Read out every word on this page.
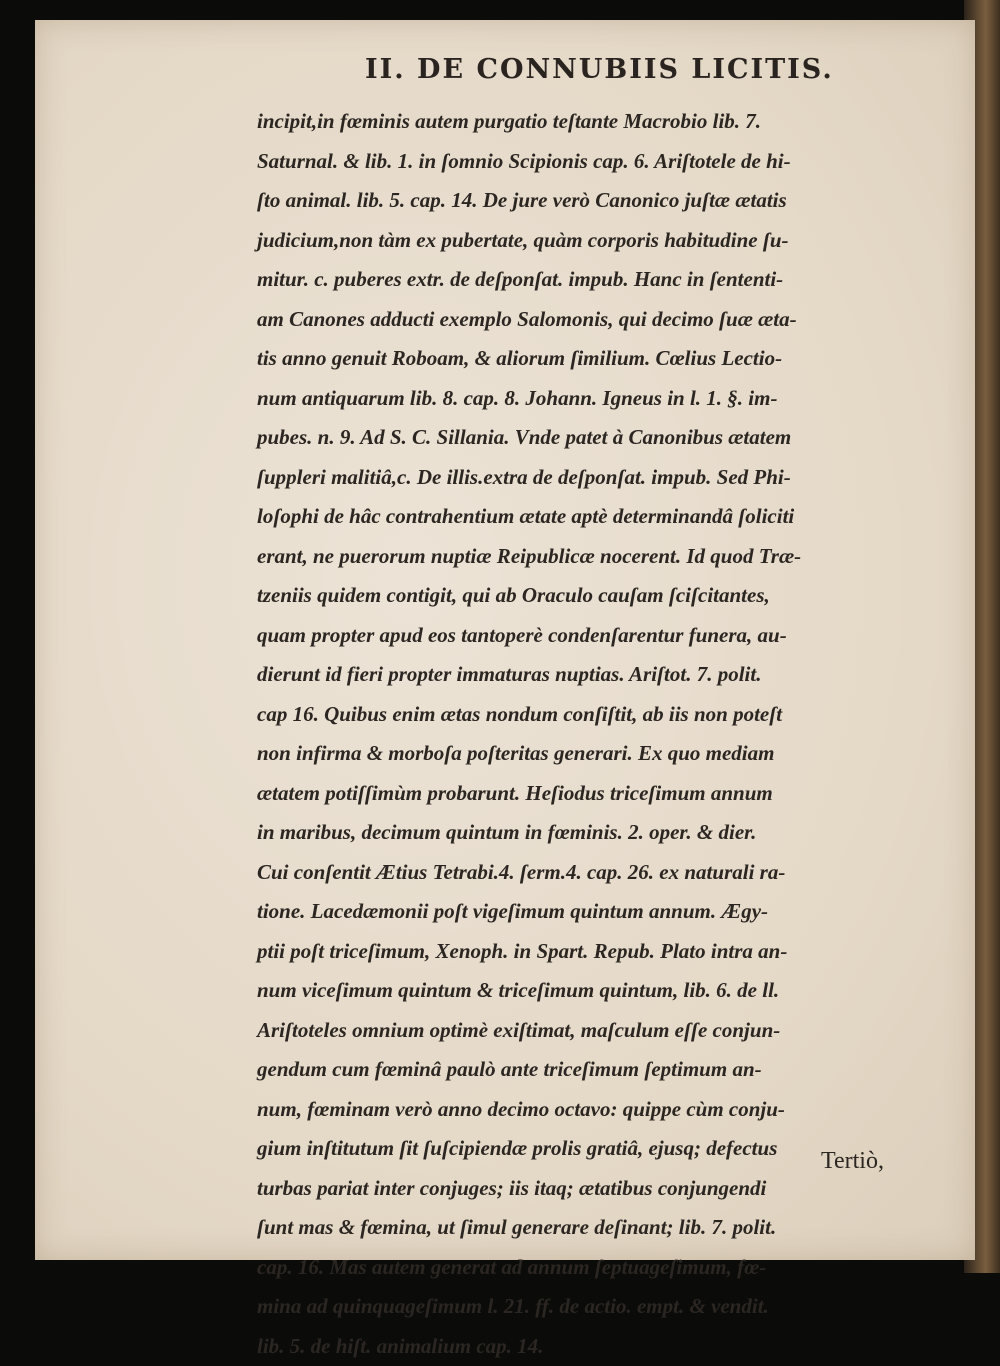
II. DE CONNUBIIS LICITIS.
incipit,in fœminis autem purgatio teſtante Macrobio lib. 7.
Saturnal. & lib. 1. in ſomnio Scipionis cap. 6. Ariſtotele de hi-
ſto animal. lib. 5. cap. 14. De jure verò Canonico juſtæ ætatis
judicium,non tàm ex pubertate, quàm corporis habitudine ſu-
mitur. c. puberes extr. de deſponſat. impub. Hanc in ſententi-
am Canones adducti exemplo Salomonis, qui decimo ſuæ æta-
tis anno genuit Roboam, & aliorum ſimilium. Cœlius Lectio-
num antiquarum lib. 8. cap. 8. Johann. Igneus in l. 1. §. im-
pubes. n. 9. Ad S. C. Sillania. Vnde patet à Canonibus ætatem
ſuppleri malitiâ,c. De illis.extra de deſponſat. impub. Sed Phi-
loſophi de hâc contrahentium ætate aptè determinandâ ſoliciti
erant, ne puerorum nuptiæ Reipublicæ nocerent. Id quod Træ-
tzeniis quidem contigit, qui ab Oraculo cauſam ſciſcitantes,
quam propter apud eos tantoperè condenſarentur funera, au-
dierunt id fieri propter immaturas nuptias. Ariſtot. 7. polit.
cap 16. Quibus enim ætas nondum conſiſtit, ab iis non poteſt
non infirma & morboſa poſteritas generari. Ex quo mediam
ætatem potiſſimùm probarunt. Heſiodus triceſimum annum
in maribus, decimum quintum in fœminis. 2. oper. & dier.
Cui conſentit Ætius Tetrabi.4. ſerm.4. cap. 26. ex naturali ra-
tione. Lacedæmonii poſt vigeſimum quintum annum. Ægy-
ptii poſt triceſimum, Xenoph. in Spart. Repub. Plato intra an-
num viceſimum quintum & triceſimum quintum, lib. 6. de ll.
Ariſtoteles omnium optimè exiſtimat, maſculum eſſe conjun-
gendum cum fœminâ paulò ante triceſimum ſeptimum an-
num, fœminam verò anno decimo octavo: quippe cùm conju-
gium inſtitutum ſit ſuſcipiendæ prolis gratiâ, ejusq; defectus
turbas pariat inter conjuges; iis itaq; ætatibus conjungendi
ſunt mas & fœmina, ut ſimul generare deſinant; lib. 7. polit.
cap. 16. Mas autem generat ad annum ſeptuageſimum, fœ-
mina ad quinquageſimum l. 21. ff. de actio. empt. & vendit.
lib. 5. de hiſt. animalium cap. 14.
Tertiò,
